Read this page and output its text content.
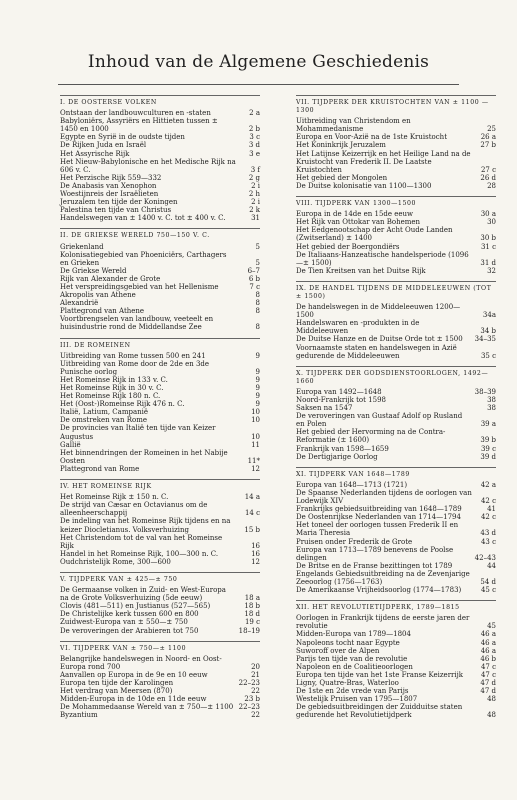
Inhoud van de Algemene Geschiedenis
I. DE OOSTERSE VOLKEN
Ontstaan der landbouwculturen en -staten	2 a
Babyloniërs, Assyriërs en Hittieten tussen ± 1450 en 1000	2 b
Egypte en Syrië in de oudste tijden	3 c
De Rijken Juda en Israël	3 d
Het Assyrische Rijk	3 e
Het Nieuw-Babylonische en het Medische Rijk na 606 v. C.	3 f
Het Perzische Rijk 559—332	2 g
De Anabasis van Xenophon	2 i
Woestijnreis der Israëlieten	2 h
Jeruzalem ten tijde der Koningen	2 i
Palestina ten tijde van Christus	2 k
Handelswegen van ± 1400 v. C. tot ± 400 v. C.	31
II. DE GRIEKSE WERELD 750—150 V. C.
Griekenland	5
Kolonisatiegebied van Phoeniciërs, Carthagers en Grieken	5
De Griekse Wereld	6–7
Rijk van Alexander de Grote	6 b
Het verspreidingsgebied van het Hellenisme	7 c
Akropolis van Athene	8
Alexandrië	8
Plattegrond van Athene	8
Voortbrengselen van landbouw, veeteelt en huisindustrie rond de Middellandse Zee	8
III. DE ROMEINEN
Uitbreiding van Rome tussen 500 en 241	9
Uitbreiding van Rome door de 2de en 3de Punische oorlog	9
Het Romeinse Rijk in 133 v. C.	9
Het Romeinse Rijk in 30 v. C.	9
Het Romeinse Rijk 180 n. C.	9
Het (Oost-)Romeinse Rijk 476 n. C.	9
Italië, Latium, Campanië	10
De omstreken van Rome	10
De provincies van Italië ten tijde van Keizer Augustus	10
Gallië	11
Het binnendringen der Romeinen in het Nabije Oosten	11*
Plattegrond van Rome	12
IV. HET ROMEINSE RIJK
Het Romeinse Rijk ± 150 n. C.	14 a
De strijd van Cæsar en Octavianus om de alleenheerschappij	14 c
De indeling van het Romeinse Rijk tijdens en na keizer Diocletianus. Volksverhuizing	15 b
Het Christendom tot de val van het Romeinse Rijk	16
Handel in het Romeinse Rijk, 100—300 n. C.	16
Oudchristelijk Rome, 300—600	12
V. TIJDPERK VAN ± 425—± 750
De Germaanse volken in Zuid- en West-Europa na de Grote Volksverhuizing (5de eeuw)	18 a
Clovis (481—511) en Justianus (527—565)	18 b
De Christelijke kerk tussen 600 en 800	18 d
Zuidwest-Europa van ± 550—± 750	19 c
De veroveringen der Arabieren tot 750	18–19
VI. TIJDPERK VAN ± 750—± 1100
Belangrijke handelswegen in Noord- en Oost-Europa rond 700	20
Aanvallen op Europa in de 9e en 10 eeuw	21
Europa ten tijde der Karolingen	22–23
Het verdrag van Meersen (870)	22
Midden-Europa in de 10de en 11de eeuw	23 b
De Mohammedaanse Wereld van ± 750—± 1100 22–23
Byzantium	22
VII. TIJDPERK DER KRUISTOCHTEN VAN ± 1100 —1300
Uitbreiding van Christendom en Mohammedanisme	25
Europa en Voor-Azië na de 1ste Kruistocht	26 a
Het Koninkrijk Jeruzalem	27 b
Het Latijnse Keizerrijk en het Heilige Land na de Kruistocht van Frederik II. De Laatste Kruistochten	27 c
Het gebied der Mongolen	26 d
De Duitse kolonisatie van 1100—1300	28
VIII. TIJDPERK VAN 1300—1500
Europa in de 14de en 15de eeuw	30 a
Het Rijk van Ottokar van Bohemen	30
Het Eedgenootschap der Acht Oude Landen (Zwitserland) ± 1400	30 b
Het gebied der Boergondiërs	31 c
De Italiaans-Hanzeatische handelsperiode (1096—± 1500)	31 d
De Tien Kreitsen van het Duitse Rijk	32
IX. DE HANDEL TIJDENS DE MIDDELEEUWEN (TOT ± 1500)
De handelswegen in de Middeleeuwen 1200—1500	34a
Handelswaren en -produkten in de Middeleeuwen	34 b
De Duitse Hanze en de Duitse Orde tot ± 1500	34–35
Voornaamste staten en handelswegen in Azië gedurende de Middeleeuwen	35 c
X. TIJDPERK DER GODSDIENSTOORLOGEN, 1492—1660
Europa van 1492—1648	38–39
Noord-Frankrijk tot 1598	38
Saksen na 1547	38
De veroveringen van Gustaaf Adolf op Rusland en Polen	39 a
Het gebied der Hervorming na de Contra-Reformatie (± 1600)	39 b
Frankrijk van 1598—1659	39 c
De Dertigjarige Oorlog	39 d
XI. TIJDPERK VAN 1648—1789
Europa van 1648—1713 (1721)	42 a
De Spaanse Nederlanden tijdens de oorlogen van Lodewijk XIV	42 c
Frankrijks gebiedsuitbreiding van 1648—1789	41
De Oostenrijkse Nederlanden van 1714—1794	42 c
Het toneel der oorlogen tussen Frederik II en Maria Theresia	43 d
Pruisen onder Frederik de Grote	43 c
Europa van 1713—1789 benevens de Poolse delingen	42–43
De Britse en de Franse bezittingen tot 1789	44
Engelands Gebiedsuitbreiding na de Zevenjarige Zeeoorlog (1756—1763)	54 d
De Amerikaanse Vrijheidsoorlog (1774—1783)	45 c
XII. HET REVOLUTIETIJDPERK, 1789—1815
Oorlogen in Frankrijk tijdens de eerste jaren der revolutie	45
Midden-Europa van 1789—1804	46 a
Napoleons tocht naar Egypte	46 a
Suworoff over de Alpen	46 a
Parijs ten tijde van de revolutie	46 b
Napoleon en de Coalitieoorlogen	47 c
Europa ten tijde van het 1ste Franse Keizerrijk	47 c
Ligny, Quatre-Bras, Waterloo	47 d
De 1ste en 2de vrede van Parijs	47 d
Westelijk Pruisen van 1795—1807	48
De gebiedsuitbreidingen der Zuidduitse staten gedurende het Revolutietijdperk	48
